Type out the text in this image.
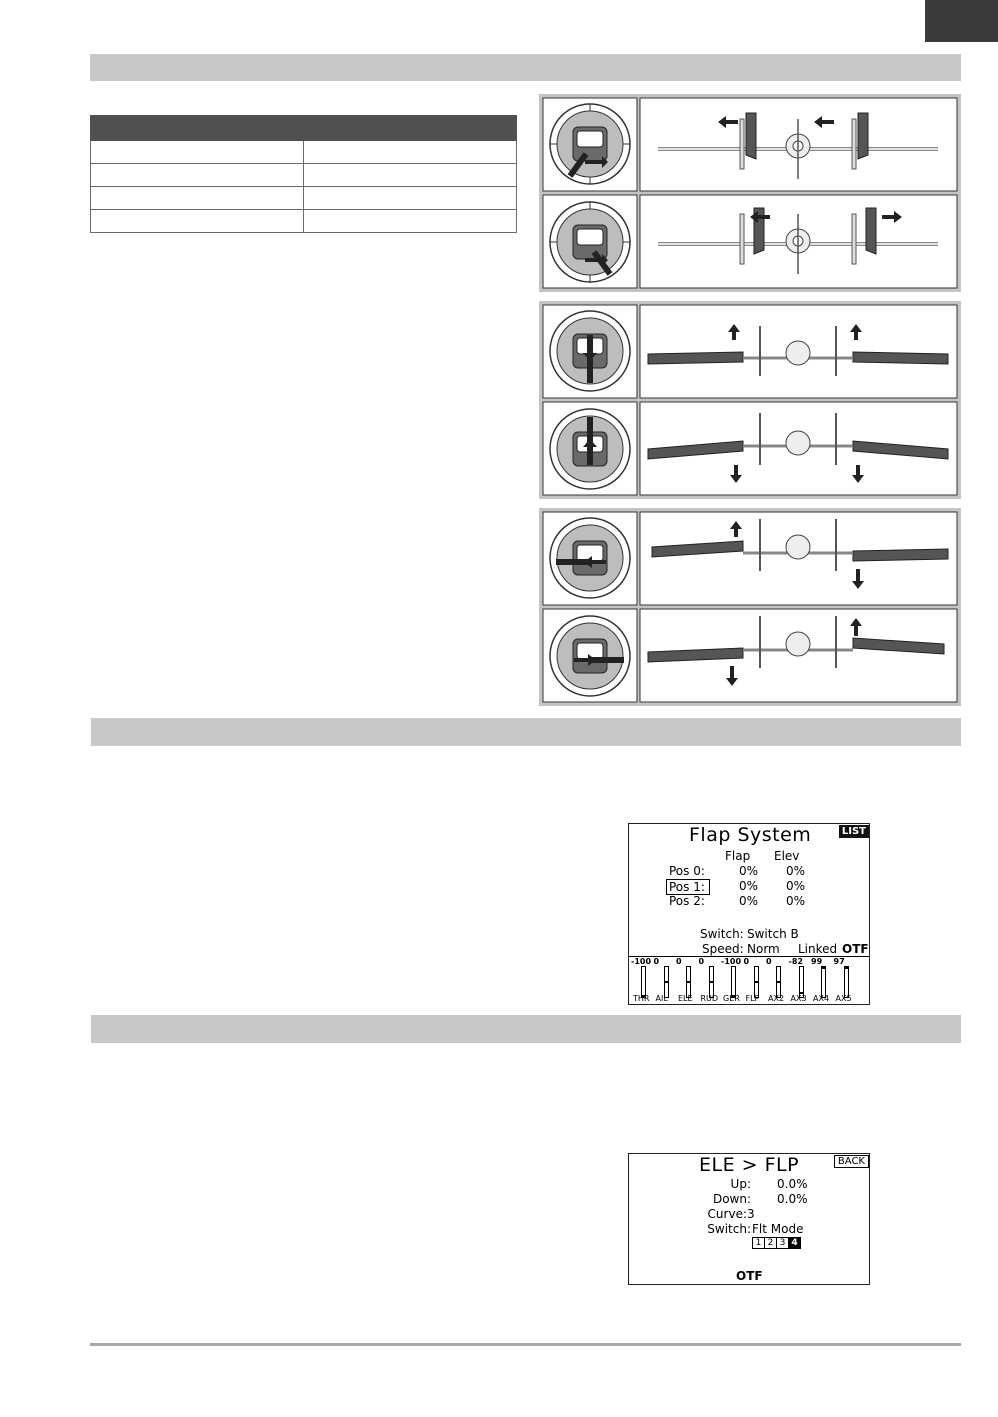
Flap System	LIST
Flap Elev
Pos 0:	0% 0%
Pos 1:	0% 0%
Pos 2:	0% 0%
Switch: Switch B
Speed: Norm Linked OTF
-100
THR
0
AIL
0
ELE
0
RUD
-100
GER
0
FLP
0
AX2
-82
AX3
99
AX4
97
AX5
ELE > FLP	BACK
Up: 0.0%
Down: 0.0%
Curve: 3
Switch: Flt Mode
1 2 3 4
OTF
